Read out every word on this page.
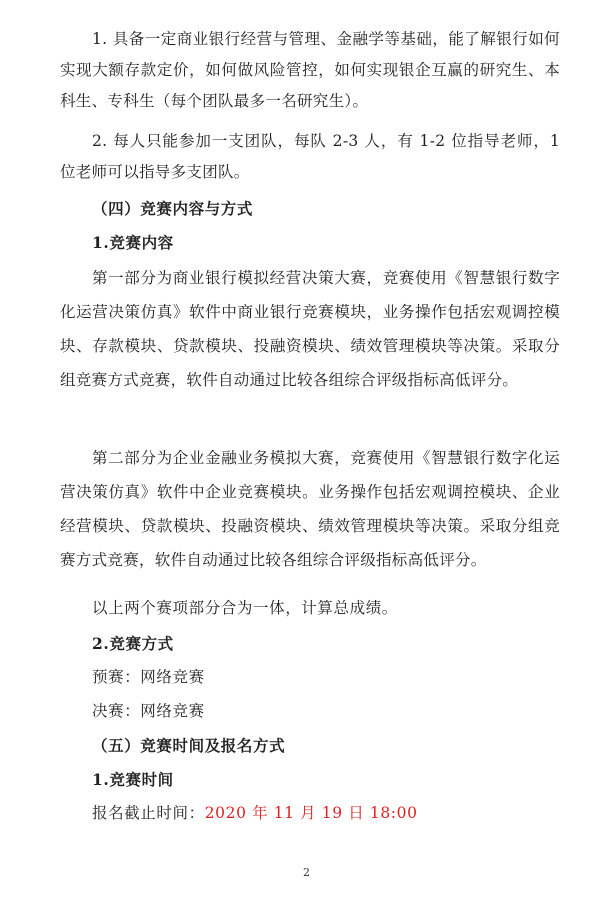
1. 具备一定商业银行经营与管理、金融学等基础，能了解银行如何实现大额存款定价，如何做风险管控，如何实现银企互赢的研究生、本科生、专科生（每个团队最多一名研究生）。

2. 每人只能参加一支团队，每队 2-3 人，有 1-2 位指导老师，1 位老师可以指导多支团队。

（四）竞赛内容与方式

1.竞赛内容

第一部分为商业银行模拟经营决策大赛，竞赛使用《智慧银行数字化运营决策仿真》软件中商业银行竞赛模块，业务操作包括宏观调控模块、存款模块、贷款模块、投融资模块、绩效管理模块等决策。采取分组竞赛方式竞赛，软件自动通过比较各组综合评级指标高低评分。

第二部分为企业金融业务模拟大赛，竞赛使用《智慧银行数字化运营决策仿真》软件中企业竞赛模块。业务操作包括宏观调控模块、企业经营模块、贷款模块、投融资模块、绩效管理模块等决策。采取分组竞赛方式竞赛，软件自动通过比较各组综合评级指标高低评分。

以上两个赛项部分合为一体，计算总成绩。

2.竞赛方式

预赛：网络竞赛

决赛：网络竞赛

（五）竞赛时间及报名方式

1.竞赛时间

报名截止时间：2020 年 11 月 19 日 18:00

2
